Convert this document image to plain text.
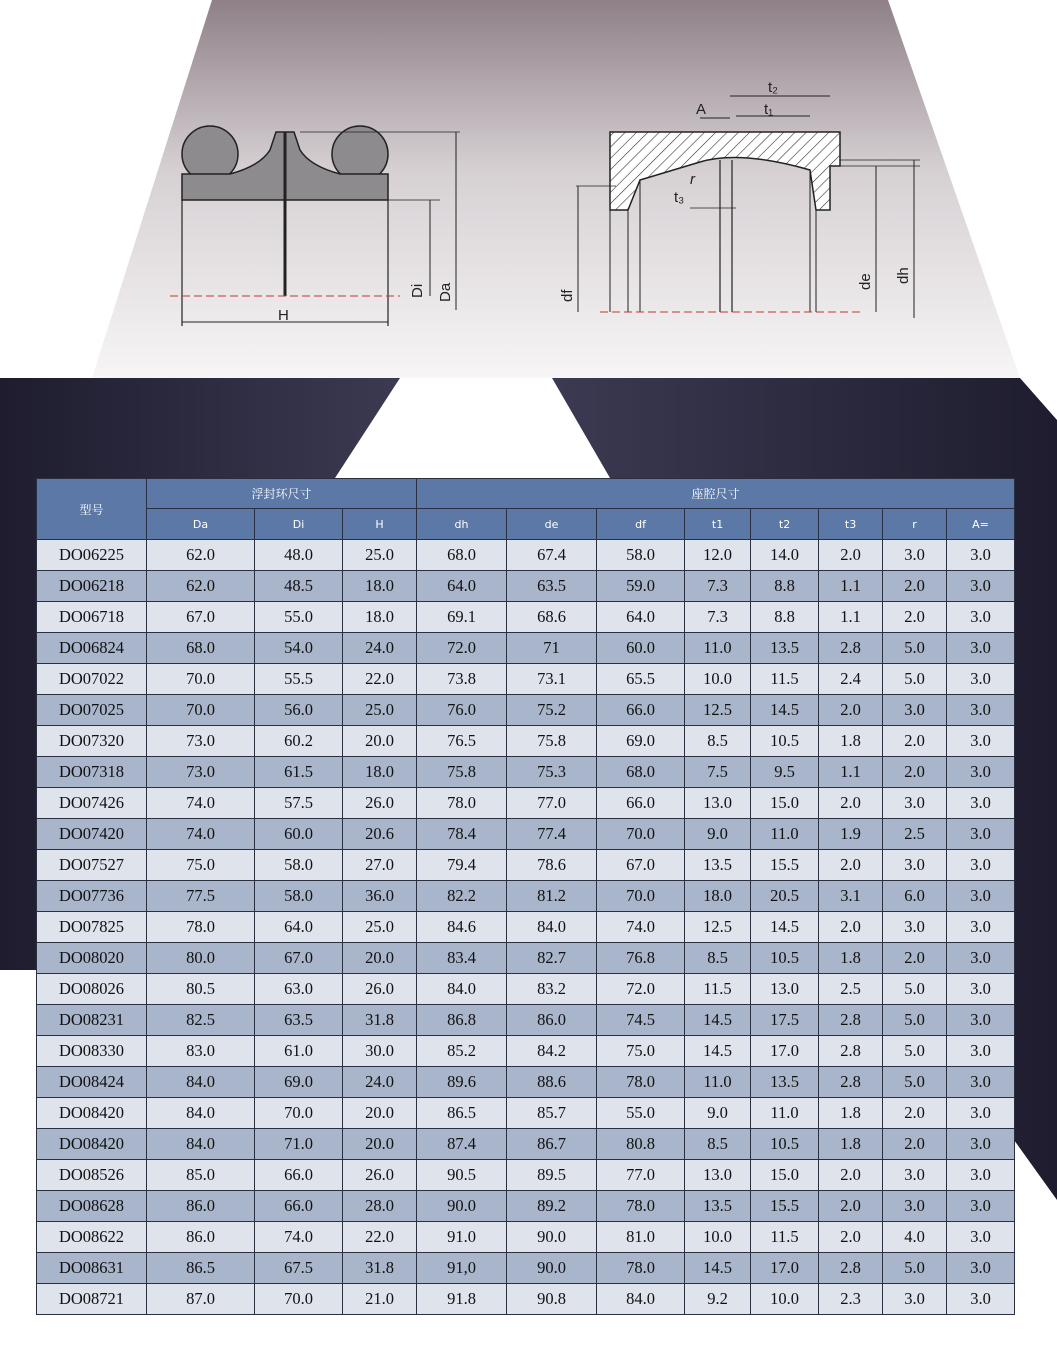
H
Di Da
t₂
t₁
A
r
t₃
df
de dh
型号	浮封环尺寸			座腔尺寸							
	Da	Di	H	dh	de	df	t1	t2	t3	r	A=
DO06225	62.0	48.0	25.0	68.0	67.4	58.0	12.0	14.0	2.0	3.0	3.0
DO06218	62.0	48.5	18.0	64.0	63.5	59.0	7.3	8.8	1.1	2.0	3.0
DO06718	67.0	55.0	18.0	69.1	68.6	64.0	7.3	8.8	1.1	2.0	3.0
DO06824	68.0	54.0	24.0	72.0	71	60.0	11.0	13.5	2.8	5.0	3.0
DO07022	70.0	55.5	22.0	73.8	73.1	65.5	10.0	11.5	2.4	5.0	3.0
DO07025	70.0	56.0	25.0	76.0	75.2	66.0	12.5	14.5	2.0	3.0	3.0
DO07320	73.0	60.2	20.0	76.5	75.8	69.0	8.5	10.5	1.8	2.0	3.0
DO07318	73.0	61.5	18.0	75.8	75.3	68.0	7.5	9.5	1.1	2.0	3.0
DO07426	74.0	57.5	26.0	78.0	77.0	66.0	13.0	15.0	2.0	3.0	3.0
DO07420	74.0	60.0	20.6	78.4	77.4	70.0	9.0	11.0	1.9	2.5	3.0
DO07527	75.0	58.0	27.0	79.4	78.6	67.0	13.5	15.5	2.0	3.0	3.0
DO07736	77.5	58.0	36.0	82.2	81.2	70.0	18.0	20.5	3.1	6.0	3.0
DO07825	78.0	64.0	25.0	84.6	84.0	74.0	12.5	14.5	2.0	3.0	3.0
DO08020	80.0	67.0	20.0	83.4	82.7	76.8	8.5	10.5	1.8	2.0	3.0
DO08026	80.5	63.0	26.0	84.0	83.2	72.0	11.5	13.0	2.5	5.0	3.0
DO08231	82.5	63.5	31.8	86.8	86.0	74.5	14.5	17.5	2.8	5.0	3.0
DO08330	83.0	61.0	30.0	85.2	84.2	75.0	14.5	17.0	2.8	5.0	3.0
DO08424	84.0	69.0	24.0	89.6	88.6	78.0	11.0	13.5	2.8	5.0	3.0
DO08420	84.0	70.0	20.0	86.5	85.7	55.0	9.0	11.0	1.8	2.0	3.0
DO08420	84.0	71.0	20.0	87.4	86.7	80.8	8.5	10.5	1.8	2.0	3.0
DO08526	85.0	66.0	26.0	90.5	89.5	77.0	13.0	15.0	2.0	3.0	3.0
DO08628	86.0	66.0	28.0	90.0	89.2	78.0	13.5	15.5	2.0	3.0	3.0
DO08622	86.0	74.0	22.0	91.0	90.0	81.0	10.0	11.5	2.0	4.0	3.0
DO08631	86.5	67.5	31.8	91,0	90.0	78.0	14.5	17.0	2.8	5.0	3.0
DO08721	87.0	70.0	21.0	91.8	90.8	84.0	9.2	10.0	2.3	3.0	3.0
